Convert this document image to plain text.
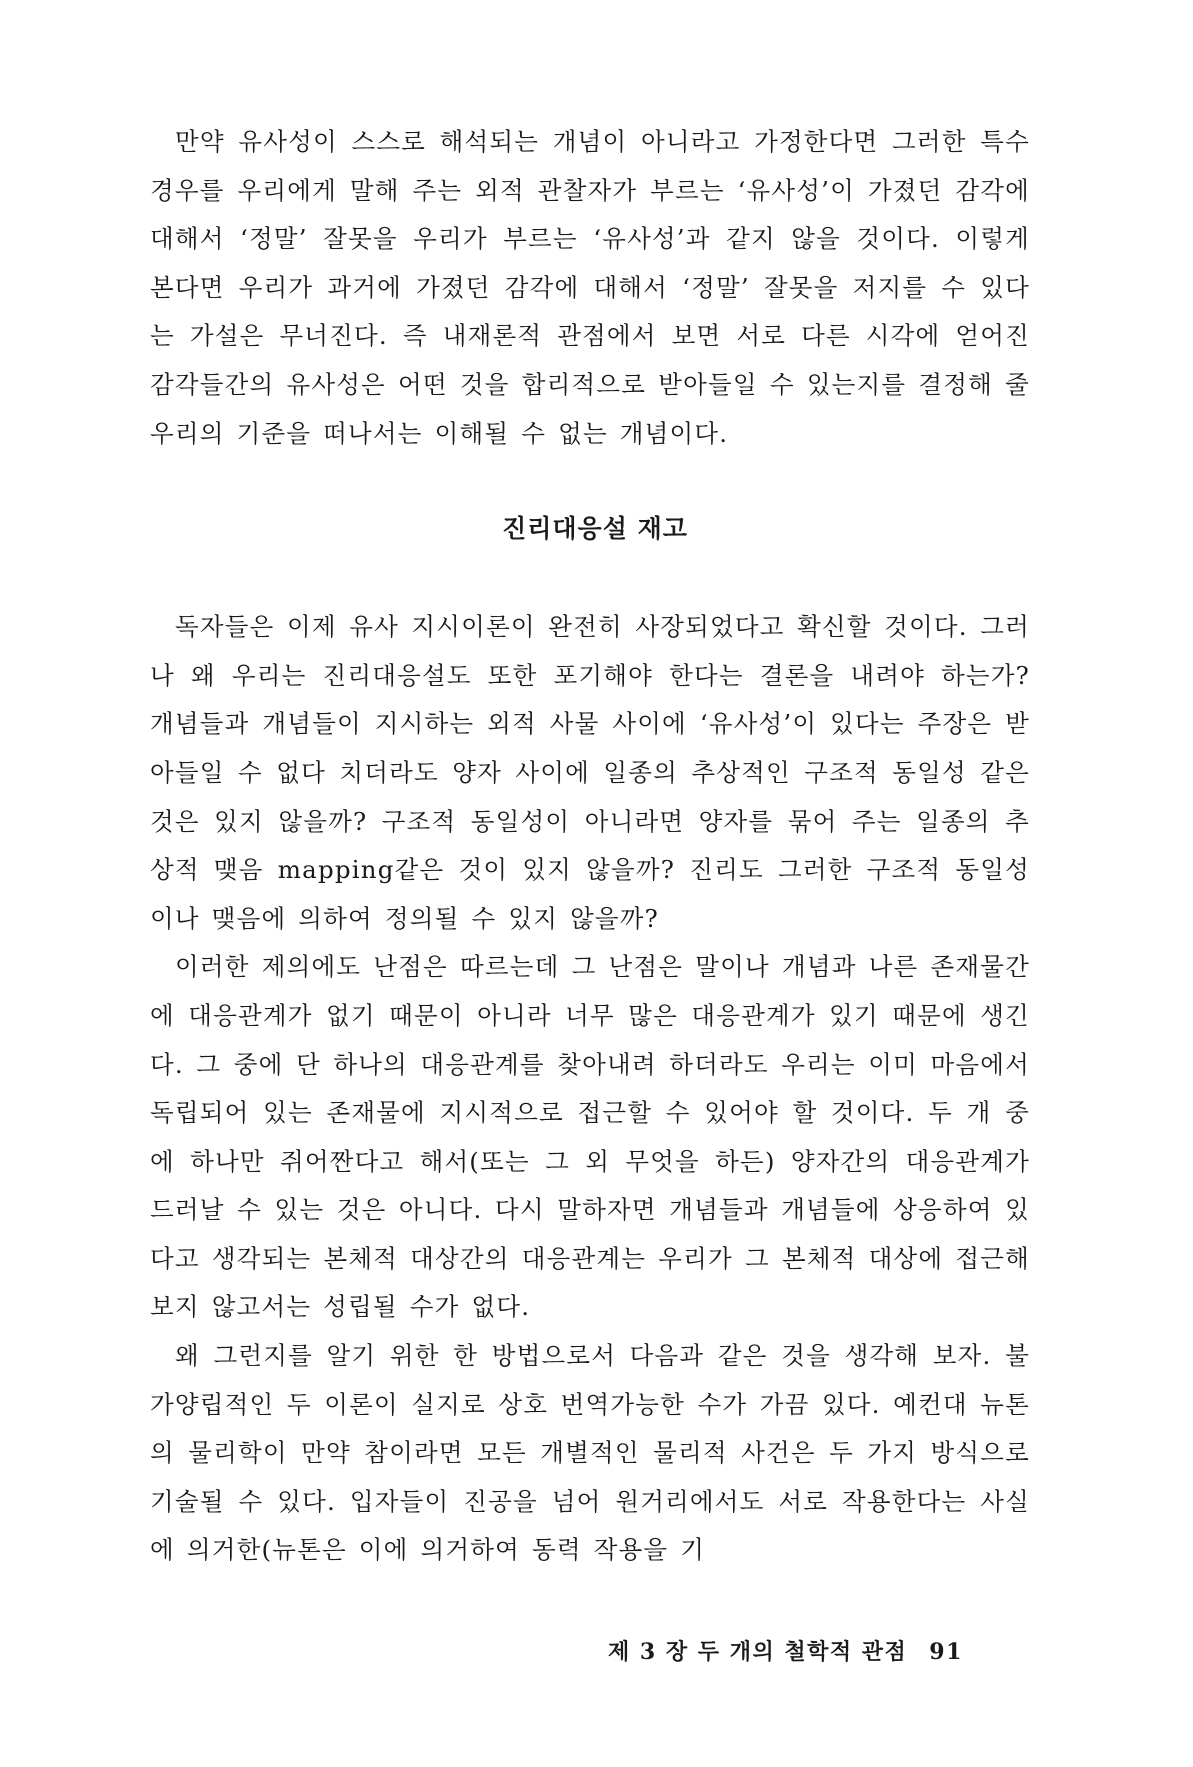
만약 유사성이 스스로 해석되는 개념이 아니라고 가정한다면 그러한 특수 경우를 우리에게 말해 주는 외적 관찰자가 부르는 ‘유사성’이 가졌던 감각에 대해서 ‘정말’ 잘못을 우리가 부르는 ‘유사성’과 같지 않을 것이다. 이렇게 본다면 우리가 과거에 가졌던 감각에 대해서 ‘정말’ 잘못을 저지를 수 있다는 가설은 무너진다. 즉 내재론적 관점에서 보면 서로 다른 시각에 얻어진 감각들간의 유사성은 어떤 것을 합리적으로 받아들일 수 있는지를 결정해 줄 우리의 기준을 떠나서는 이해될 수 없는 개념이다.

진리대응설 재고

독자들은 이제 유사 지시이론이 완전히 사장되었다고 확신할 것이다. 그러나 왜 우리는 진리대응설도 또한 포기해야 한다는 결론을 내려야 하는가? 개념들과 개념들이 지시하는 외적 사물 사이에 ‘유사성’이 있다는 주장은 받아들일 수 없다 치더라도 양자 사이에 일종의 추상적인 구조적 동일성 같은 것은 있지 않을까? 구조적 동일성이 아니라면 양자를 묶어 주는 일종의 추상적 맺음 mapping같은 것이 있지 않을까? 진리도 그러한 구조적 동일성이나 맺음에 의하여 정의될 수 있지 않을까?

이러한 제의에도 난점은 따르는데 그 난점은 말이나 개념과 나른 존재물간에 대응관계가 없기 때문이 아니라 너무 많은 대응관계가 있기 때문에 생긴다. 그 중에 단 하나의 대응관계를 찾아내려 하더라도 우리는 이미 마음에서 독립되어 있는 존재물에 지시적으로 접근할 수 있어야 할 것이다. 두 개 중에 하나만 쥐어짠다고 해서(또는 그 외 무엇을 하든) 양자간의 대응관계가 드러날 수 있는 것은 아니다. 다시 말하자면 개념들과 개념들에 상응하여 있다고 생각되는 본체적 대상간의 대응관계는 우리가 그 본체적 대상에 접근해 보지 않고서는 성립될 수가 없다.

왜 그런지를 알기 위한 한 방법으로서 다음과 같은 것을 생각해 보자. 불가양립적인 두 이론이 실지로 상호 번역가능한 수가 가끔 있다. 예컨대 뉴톤의 물리학이 만약 참이라면 모든 개별적인 물리적 사건은 두 가지 방식으로 기술될 수 있다. 입자들이 진공을 넘어 원거리에서도 서로 작용한다는 사실에 의거한(뉴톤은 이에 의거하여 동력 작용을 기

제 3 장 두 개의 철학적 관점 91
